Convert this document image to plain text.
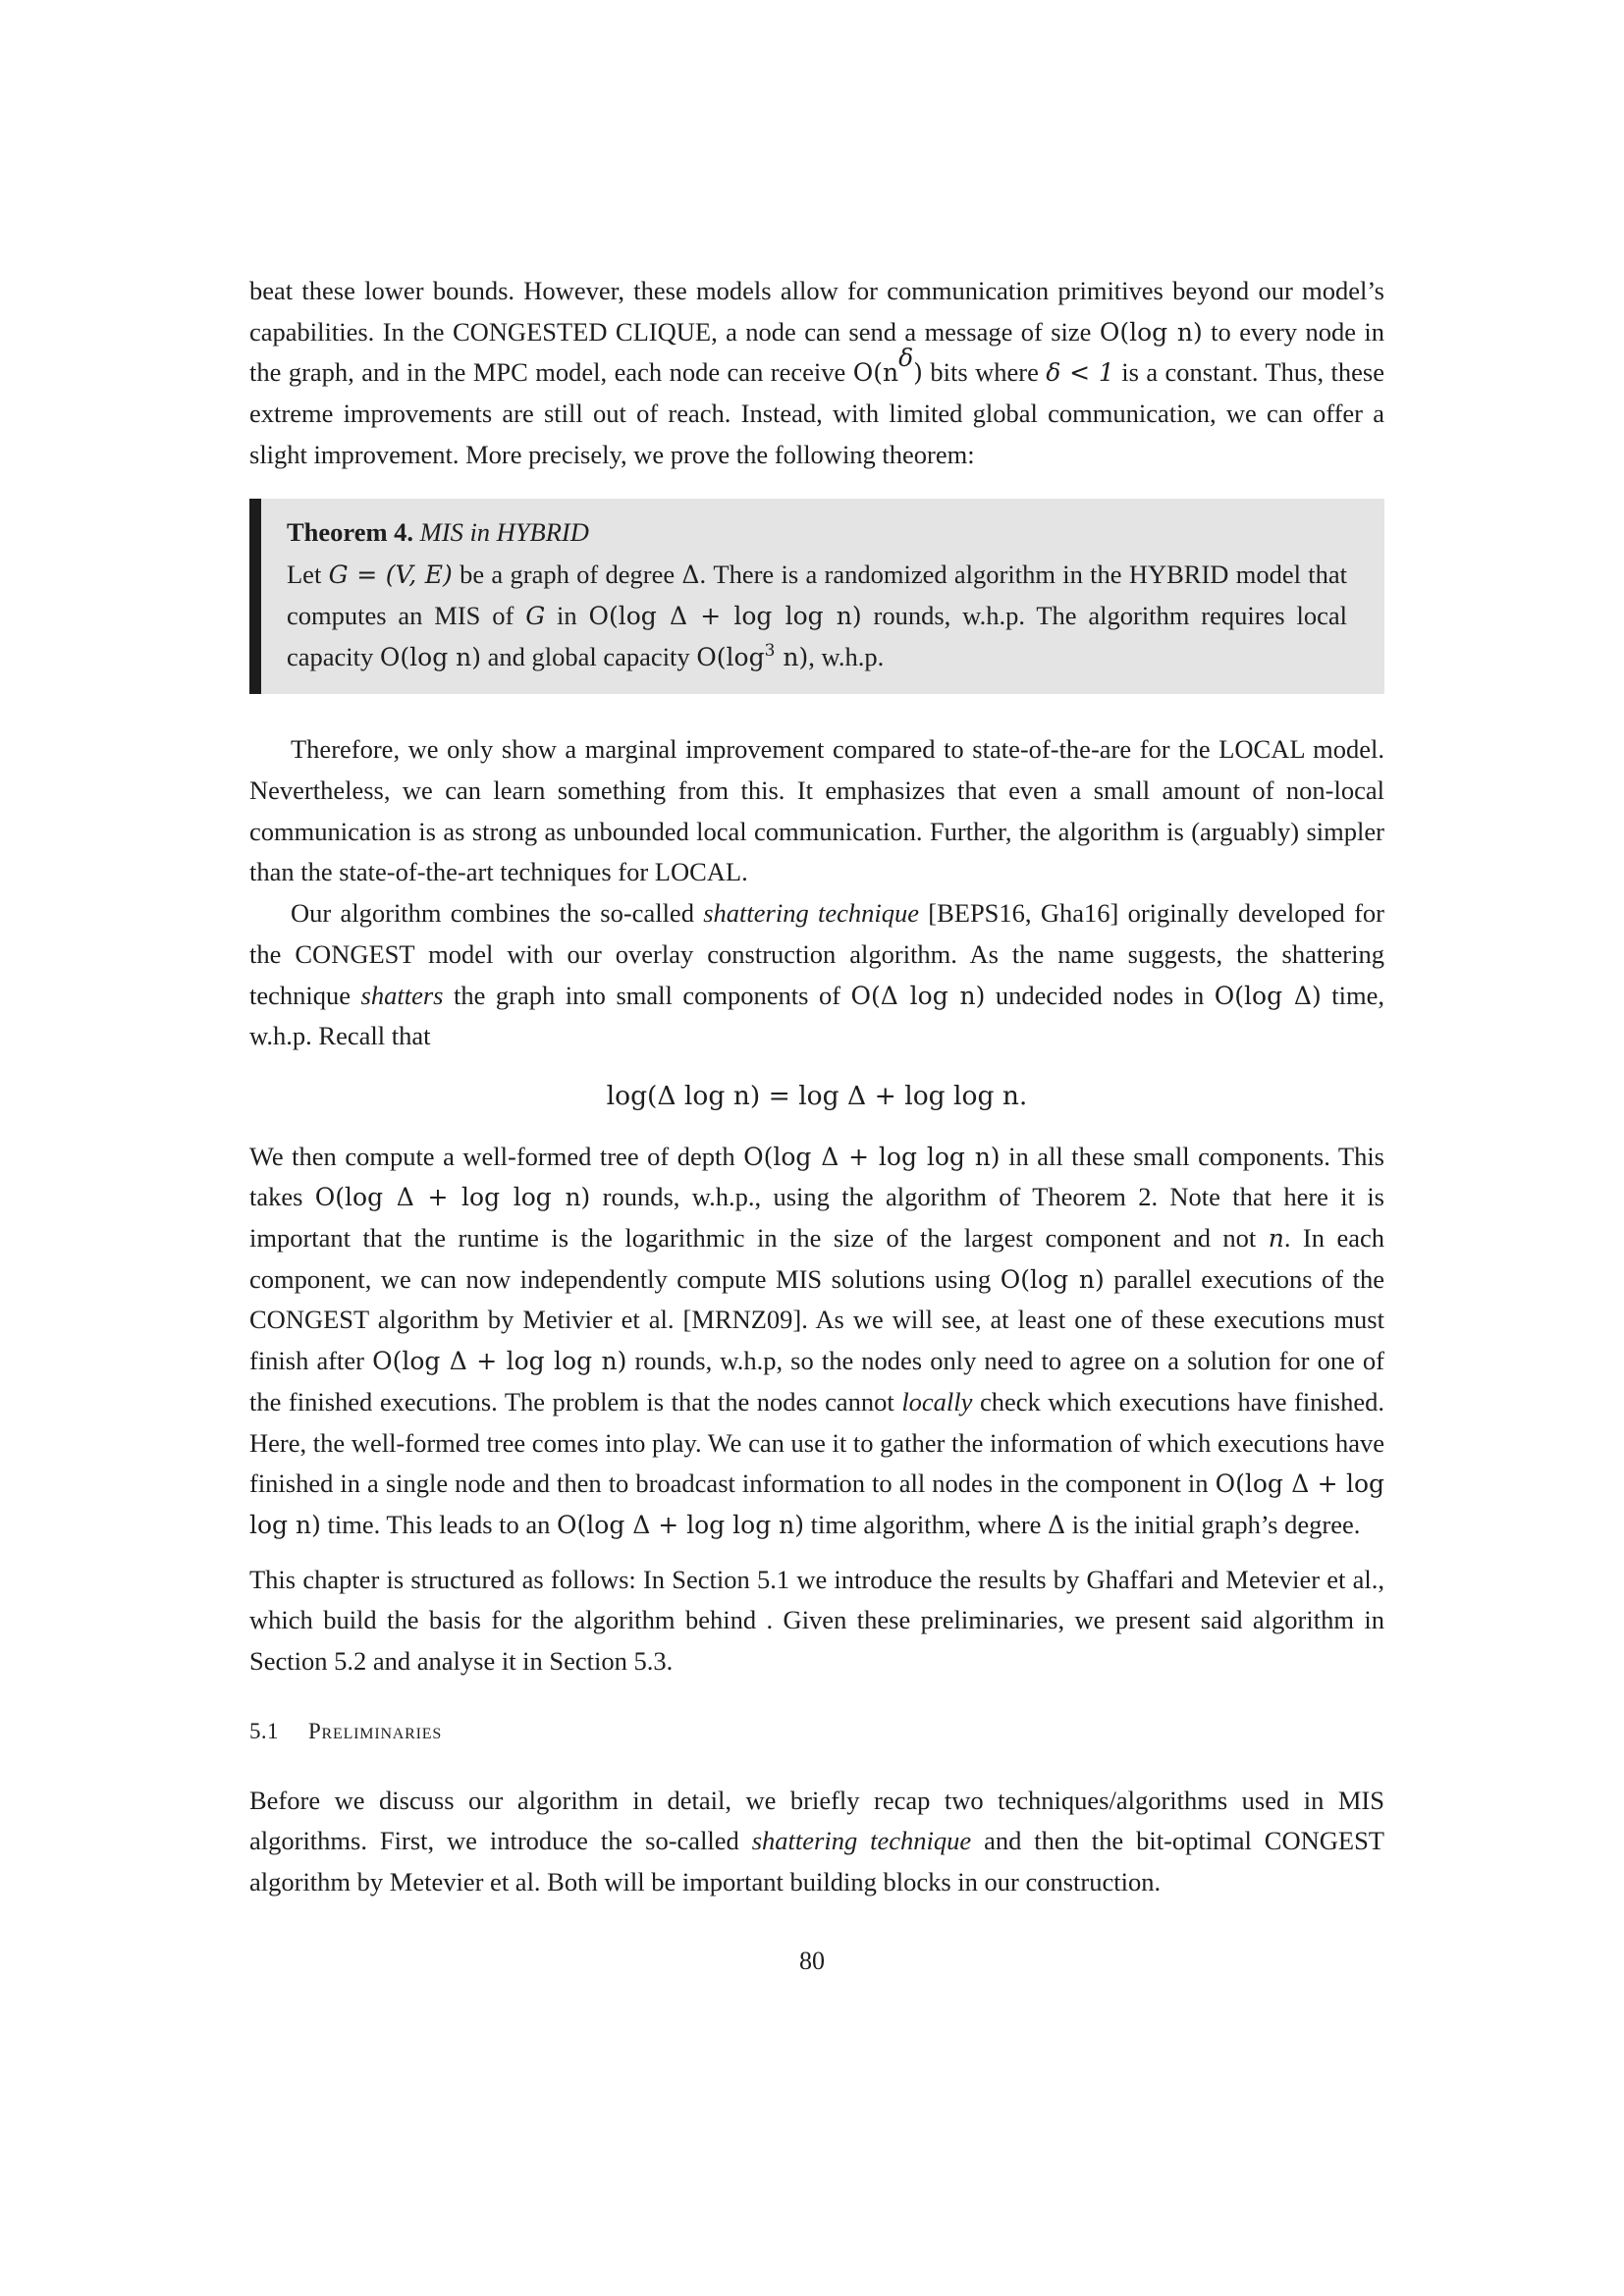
beat these lower bounds. However, these models allow for communication primitives beyond our model’s capabilities. In the CONGESTED CLIQUE, a node can send a message of size O(log n) to every node in the graph, and in the MPC model, each node can receive $O(n^\delta)$ bits where δ < 1 is a constant. Thus, these extreme improvements are still out of reach. Instead, with limited global communication, we can offer a slight improvement. More precisely, we prove the following theorem:

Theorem 4. MIS in HYBRID

Let G = (V, E) be a graph of degree Δ. There is a randomized algorithm in the HYBRID model that computes an MIS of G in O(log Δ + log log n) rounds, w.h.p. The algorithm requires local capacity O(log n) and global capacity $O(\log^3$ n), w.h.p.

Therefore, we only show a marginal improvement compared to state-of-the-are for the LOCAL model. Nevertheless, we can learn something from this. It emphasizes that even a small amount of non-local communication is as strong as unbounded local communication. Further, the algorithm is (arguably) simpler than the state-of-the-art techniques for LOCAL.

Our algorithm combines the so-called shattering technique [BEPS16, Gha16] originally developed for the CONGEST model with our overlay construction algorithm. As the name suggests, the shattering technique shatters the graph into small components of O(Δ log n) undecided nodes in O(log Δ) time, w.h.p. Recall that

log(Δ log n) = log Δ + log log n.

We then compute a well-formed tree of depth O(log Δ + log log n) in all these small components. This takes O(log Δ + log log n) rounds, w.h.p., using the algorithm of Theorem 2. Note that here it is important that the runtime is the logarithmic in the size of the largest component and not n. In each component, we can now independently compute MIS solutions using O(log n) parallel executions of the CONGEST algorithm by Metivier et al. [MRNZ09]. As we will see, at least one of these executions must finish after O(log Δ + log log n) rounds, w.h.p, so the nodes only need to agree on a solution for one of the finished executions. The problem is that the nodes cannot locally check which executions have finished. Here, the well-formed tree comes into play. We can use it to gather the information of which executions have finished in a single node and then to broadcast information to all nodes in the component in O(log Δ + log log n) time. This leads to an O(log Δ + log log n) time algorithm, where Δ is the initial graph’s degree.

This chapter is structured as follows: In Section 5.1 we introduce the results by Ghaffari and Metevier et al., which build the basis for the algorithm behind . Given these preliminaries, we present said algorithm in Section 5.2 and analyse it in Section 5.3.

5.1 Preliminaries

Before we discuss our algorithm in detail, we briefly recap two techniques/algorithms used in MIS algorithms. First, we introduce the so-called shattering technique and then the bit-optimal CONGEST algorithm by Metevier et al. Both will be important building blocks in our construction.

80
